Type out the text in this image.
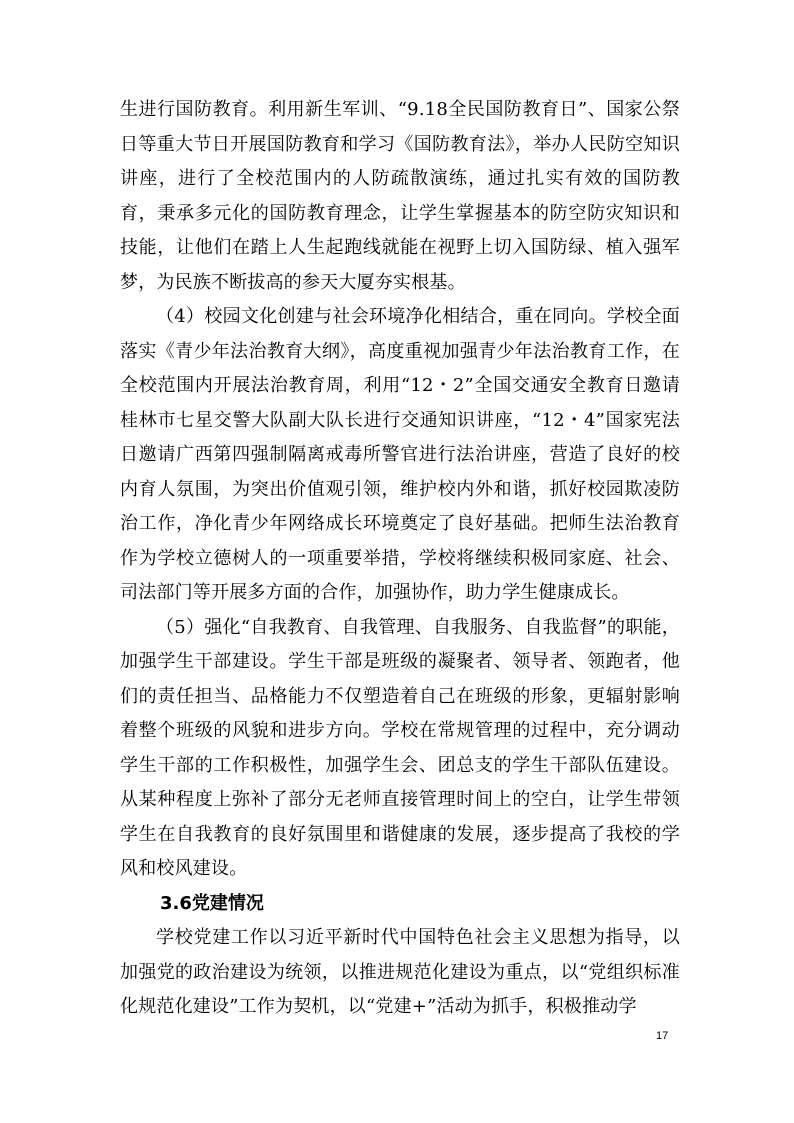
生进行国防教育。利用新生军训、“9.18全民国防教育日”、国家公祭日等重大节日开展国防教育和学习《国防教育法》，举办人民防空知识讲座，进行了全校范围内的人防疏散演练，通过扎实有效的国防教育，秉承多元化的国防教育理念，让学生掌握基本的防空防灾知识和技能，让他们在踏上人生起跑线就能在视野上切入国防绿、植入强军梦，为民族不断拔高的参天大厦夯实根基。

（4）校园文化创建与社会环境净化相结合，重在同向。学校全面落实《青少年法治教育大纲》，高度重视加强青少年法治教育工作，在全校范围内开展法治教育周，利用“12・2”全国交通安全教育日邀请桂林市七星交警大队副大队长进行交通知识讲座，“12・4”国家宪法日邀请广西第四强制隔离戒毒所警官进行法治讲座，营造了良好的校内育人氛围，为突出价值观引领，维护校内外和谐，抓好校园欺凌防治工作，净化青少年网络成长环境奠定了良好基础。把师生法治教育作为学校立德树人的一项重要举措，学校将继续积极同家庭、社会、司法部门等开展多方面的合作，加强协作，助力学生健康成长。

（5）强化“自我教育、自我管理、自我服务、自我监督”的职能，加强学生干部建设。学生干部是班级的凝聚者、领导者、领跑者，他们的责任担当、品格能力不仅塑造着自己在班级的形象，更辐射影响着整个班级的风貌和进步方向。学校在常规管理的过程中，充分调动学生干部的工作积极性，加强学生会、团总支的学生干部队伍建设。从某种程度上弥补了部分无老师直接管理时间上的空白，让学生带领学生在自我教育的良好氛围里和谐健康的发展，逐步提高了我校的学风和校风建设。

3.6党建情况

学校党建工作以习近平新时代中国特色社会主义思想为指导，以加强党的政治建设为统领，以推进规范化建设为重点，以“党组织标准化规范化建设”工作为契机，以“党建+”活动为抓手，积极推动学

17
